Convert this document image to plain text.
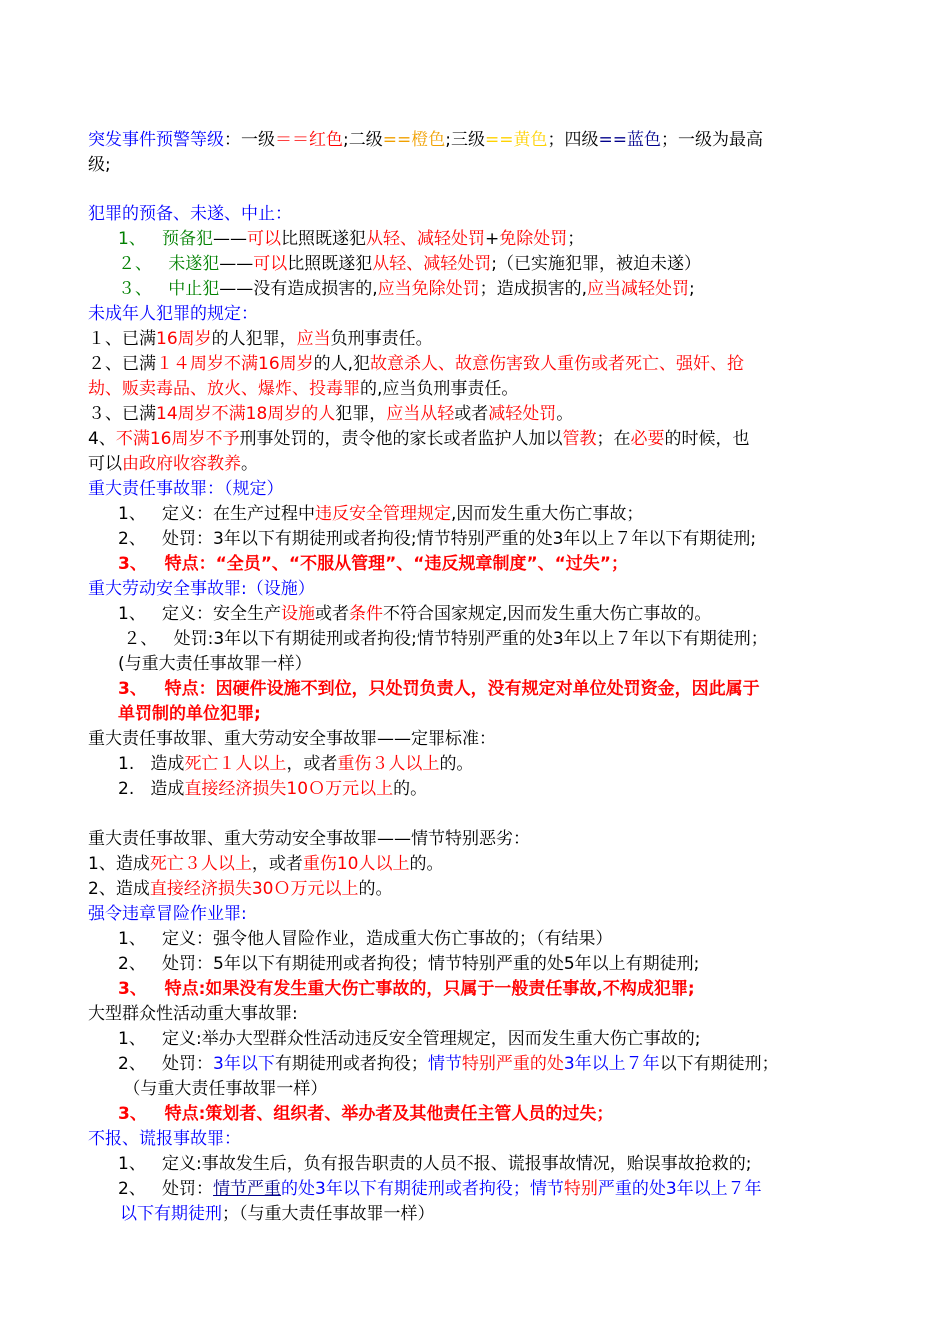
突发事件预警等级：一级＝＝红色;二级==橙色;三级==黄色；四级==蓝色；一级为最高
级;
犯罪的预备、未遂、中止：
1、   预备犯——可以比照既遂犯从轻、减轻处罚+免除处罚；
２、   未遂犯——可以比照既遂犯从轻、减轻处罚;（已实施犯罪，被迫未遂）
３、   中止犯——没有造成损害的,应当免除处罚；造成损害的,应当减轻处罚;
未成年人犯罪的规定：
１、已满16周岁的人犯罪，应当负刑事责任。
２、已满１４周岁不满16周岁的人,犯故意杀人、故意伤害致人重伤或者死亡、强奸、抢
劫、贩卖毒品、放火、爆炸、投毒罪的,应当负刑事责任。
３、已满14周岁不满18周岁的人犯罪，应当从轻或者减轻处罚。
4、不满16周岁不予刑事处罚的，责令他的家长或者监护人加以管教；在必要的时候，也
可以由政府收容教养。
重大责任事故罪：（规定）
1、   定义：在生产过程中违反安全管理规定,因而发生重大伤亡事故；
2、   处罚：3年以下有期徒刑或者拘役;情节特别严重的处3年以上７年以下有期徒刑;
3、   特点：“全员”、“不服从管理”、“违反规章制度”、“过失”；
重大劳动安全事故罪:（设施）
1、   定义：安全生产设施或者条件不符合国家规定,因而发生重大伤亡事故的。
２、   处罚:3年以下有期徒刑或者拘役;情节特别严重的处3年以上７年以下有期徒刑；
(与重大责任事故罪一样）
3、   特点：因硬件设施不到位，只处罚负责人，没有规定对单位处罚资金，因此属于
单罚制的单位犯罪;
重大责任事故罪、重大劳动安全事故罪——定罪标准：
1.   造成死亡１人以上，或者重伤３人以上的。
2.   造成直接经济损失10Ｏ万元以上的。
重大责任事故罪、重大劳动安全事故罪——情节特别恶劣：
1、造成死亡３人以上，或者重伤10人以上的。
2、造成直接经济损失30Ｏ万元以上的。
强令违章冒险作业罪:
1、   定义：强令他人冒险作业，造成重大伤亡事故的；（有结果）
2、   处罚：5年以下有期徒刑或者拘役；情节特别严重的处5年以上有期徒刑;
3、   特点:如果没有发生重大伤亡事故的，只属于一般责任事故,不构成犯罪;
大型群众性活动重大事故罪:
1、   定义:举办大型群众性活动违反安全管理规定，因而发生重大伤亡事故的;
2、   处罚：3年以下有期徒刑或者拘役；情节特别严重的处3年以上７年以下有期徒刑；
（与重大责任事故罪一样）
3、   特点:策划者、组织者、举办者及其他责任主管人员的过失；
不报、谎报事故罪：
1、   定义:事故发生后，负有报告职责的人员不报、谎报事故情况，贻误事故抢救的;
2、   处罚：情节严重的处3年以下有期徒刑或者拘役；情节特别严重的处3年以上７年
以下有期徒刑；（与重大责任事故罪一样）
